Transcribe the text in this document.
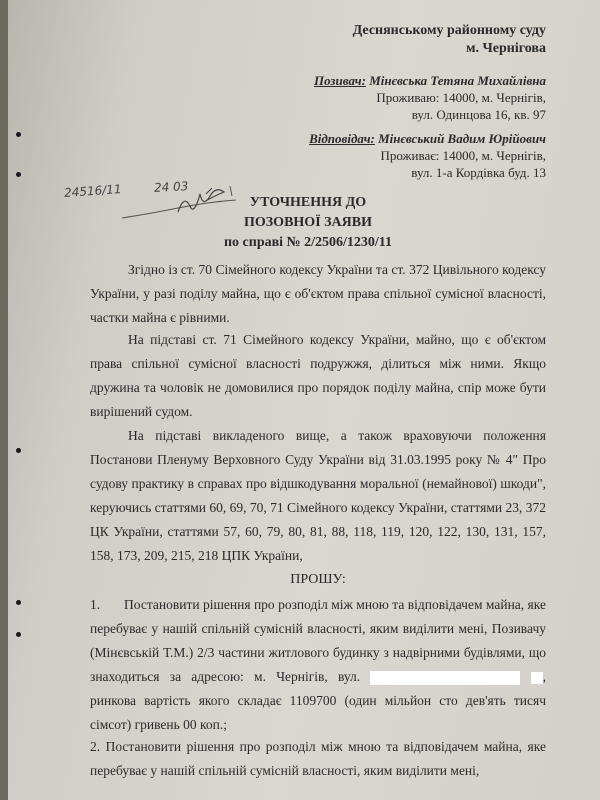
Деснянському районному суду
м. Чернігова
Позивач: Мінєвська Тетяна Михайлівна
Проживаю: 14000, м. Чернігів,
вул. Одинцова 16, кв. 97
Відповідач: Мінєвський Вадим Юрійович
Проживає: 14000, м. Чернігів,
вул. 1-а Кордівка буд. 13
24516/11	24 03
УТОЧНЕННЯ ДО
ПОЗОВНОЇ ЗАЯВИ
по справі № 2/2506/1230/11
Згідно із ст. 70 Сімейного кодексу України та ст. 372 Цивільного кодексу України, у разі поділу майна, що є об'єктом права спільної сумісної власності, частки майна є рівними.
На підставі ст. 71 Сімейного кодексу України, майно, що є об'єктом права спільної сумісної власності подружжя, ділиться між ними. Якщо дружина та чоловік не домовилися про порядок поділу майна, спір може бути вирішений судом.
На підставі викладеного вище, а також враховуючи положення Постанови Пленуму Верховного Суду України від 31.03.1995 року № 4" Про судову практику в справах про відшкодування моральної (немайнової) шкоди", керуючись статтями 60, 69, 70, 71 Сімейного кодексу України, статтями 23, 372 ЦК України, статтями 57, 60, 79, 80, 81, 88, 118, 119, 120, 122, 130, 131, 157, 158, 173, 209, 215, 218 ЦПК України,
ПРОШУ:
1. Постановити рішення про розподіл між мною та відповідачем майна, яке перебуває у нашій спільній сумісній власності, яким виділити мені, Позивачу (Мінєвській Т.М.) 2/3 частини житлового будинку з надвірними будівлями, що знаходиться за адресою: м. Чернігів, вул.	, ринкова вартість якого складає 1109700 (один мільйон сто дев'ять тисяч сімсот) гривень 00 коп.;
2. Постановити рішення про розподіл між мною та відповідачем майна, яке перебуває у нашій спільній сумісній власності, яким виділити мені,
